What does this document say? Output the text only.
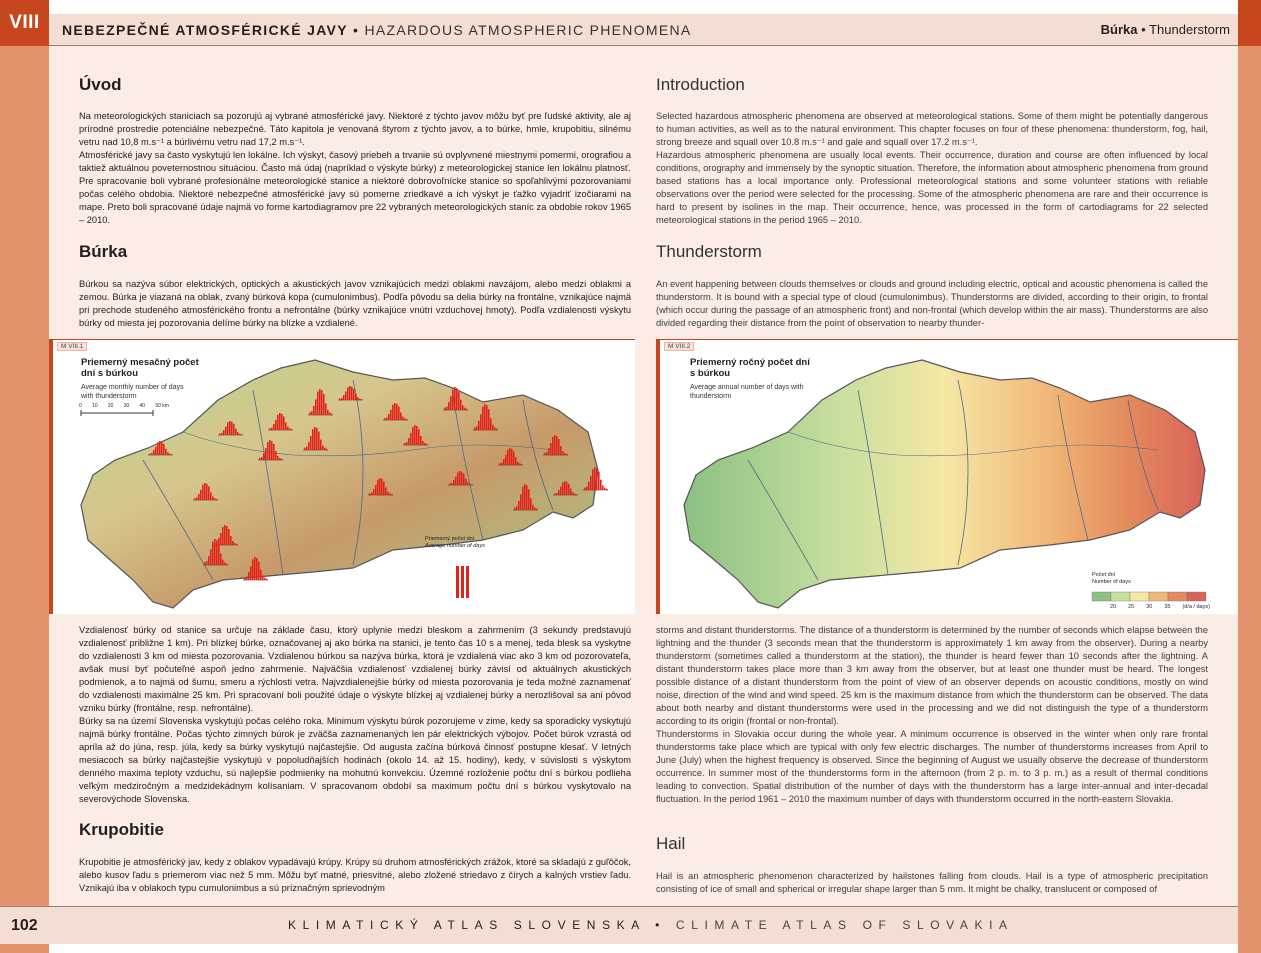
VIII	NEBEZPEČNÉ ATMOSFÉRICKÉ JAVY • HAZARDOUS ATMOSPHERIC PHENOMENA	Búrka • Thunderstorm
Úvod

Na meteorologických staniciach sa pozorujú aj vybrané atmosférické javy. Niektoré z týchto javov môžu byť pre ľudské aktivity, ale aj prírodné prostredie potenciálne nebezpečné. Táto kapitola je venovaná štyrom z týchto javov, a to búrke, hmle, krupobitiu, silnému vetru nad 10,8 m.s⁻¹ a búrlivému vetru nad 17,2 m.s⁻¹.

Atmosférické javy sa často vyskytujú len lokálne. Ich výskyt, časový priebeh a trvanie sú ovplyvnené miestnymi pomermi, orografiou a taktiež aktuálnou poveternostnou situáciou. Často má údaj (napríklad o výskyte búrky) z meteorologickej stanice len lokálnu platnosť. Pre spracovanie boli vybrané profesionálne meteorologické stanice a niektoré dobrovoľnícke stanice so spoľahlivými pozorovaniami počas celého obdobia. Niektoré nebezpečné atmosférické javy sú pomerne zriedkavé a ich výskyt je ťažko vyjadriť izočiarami na mape. Preto boli spracované údaje najmä vo forme kartodiagramov pre 22 vybraných meteorologických staníc za obdobie rokov 1965 – 2010.

Búrka

Búrkou sa nazýva súbor elektrických, optických a akustických javov vznikajúcich medzi oblakmi navzájom, alebo medzi oblakmi a zemou. Búrka je viazaná na oblak, zvaný búrková kopa (cumulonimbus). Podľa pôvodu sa delia búrky na frontálne, vznikajúce najmä pri prechode studeného atmosférického frontu a nefrontálne (búrky vznikajúce vnútri vzduchovej hmoty). Podľa vzdialenosti výskytu búrky od miesta jej pozorovania delíme búrky na blízke a vzdialené.

Vzdialenosť búrky od stanice sa určuje na základe času, ktorý uplynie medzi bleskom a zahrmením (3 sekundy predstavujú vzdialenosť približne 1 km). Pri blízkej búrke, označovanej aj ako búrka na stanici, je tento čas 10 s a menej, teda blesk sa vyskytne do vzdialenosti 3 km od miesta pozorovania. Vzdialenou búrkou sa nazýva búrka, ktorá je vzdialená viac ako 3 km od pozorovateľa, avšak musí byť počuteľné aspoň jedno zahrmenie. Najväčšia vzdialenosť vzdialenej búrky závisí od aktuálnych akustických podmienok, a to najmä od šumu, smeru a rýchlosti vetra. Najvzdialenejšie búrky od miesta pozorovania je teda možné zaznamenať do vzdialenosti maximálne 25 km. Pri spracovaní boli použité údaje o výskyte blízkej aj vzdialenej búrky a nerozlišoval sa ani pôvod vzniku búrky (frontálne, resp. nefrontálne).

Búrky sa na území Slovenska vyskytujú počas celého roka. Minimum výskytu búrok pozorujeme v zime, kedy sa sporadicky vyskytujú najmä búrky frontálne. Počas týchto zimných búrok je zväčša zaznamenaných len pár elektrických výbojov. Počet búrok vzrastá od apríla až do júna, resp. júla, kedy sa búrky vyskytujú najčastejšie. Od augusta začína búrková činnosť postupne klesať. V letných mesiacoch sa búrky najčastejšie vyskytujú v popoludňajších hodinách (okolo 14. až 15. hodiny), kedy, v súvislosti s výskytom denného maxima teploty vzduchu, sú najlepšie podmienky na mohutnú konvekciu. Územné rozloženie počtu dní s búrkou podlieha veľkým medziročným a medzidekádnym kolísaniam. V spracovanom období sa maximum počtu dní s búrkou vyskytovalo na severovýchode Slovenska.

Krupobitie

Krupobitie je atmosférický jav, kedy z oblakov vypadávajú krúpy. Krúpy sú druhom atmosférických zrážok, ktoré sa skladajú z guľôčok, alebo kusov ľadu s priemerom viac než 5 mm. Môžu byť matné, priesvitné, alebo zložené striedavo z čírych a kalných vrstiev ľadu. Vznikajú iba v oblakoch typu cumulonimbus a sú príznačným sprievodným

Introduction

Selected hazardous atmospheric phenomena are observed at meteorological stations. Some of them might be potentially dangerous to human activities, as well as to the natural environment. This chapter focuses on four of these phenomena: thunderstorm, fog, hail, strong breeze and squall over 10.8 m.s⁻¹ and gale and squall over 17.2 m.s⁻¹.

Hazardous atmospheric phenomena are usually local events. Their occurrence, duration and course are often influenced by local conditions, orography and immensely by the synoptic situation. Therefore, the information about atmospheric phenomena from ground based stations has a local importance only. Professional meteorological stations and some volunteer stations with reliable observations over the period were selected for the processing. Some of the atmospheric phenomena are rare and their occurrence is hard to present by isolines in the map. Their occurrence, hence, was processed in the form of cartodiagrams for 22 selected meteorological stations in the period 1965 – 2010.

Thunderstorm

An event happening between clouds themselves or clouds and ground including electric, optical and acoustic phenomena is called the thunderstorm. It is bound with a special type of cloud (cumulonimbus). Thunderstorms are divided, according to their origin, to frontal (which occur during the passage of an atmospheric front) and non-frontal (which develop within the air mass). Thunderstorms are also divided regarding their distance from the point of observation to nearby thunder-

storms and distant thunderstorms. The distance of a thunderstorm is determined by the number of seconds which elapse between the lightning and the thunder (3 seconds mean that the thunderstorm is approximately 1 km away from the observer). During a nearby thunderstorm (sometimes called a thunderstorm at the station), the thunder is heard fewer than 10 seconds after the lightning. A distant thunderstorm takes place more than 3 km away from the observer, but at least one thunder must be heard. The longest possible distance of a distant thunderstorm from the point of view of an observer depends on acoustic conditions, mostly on wind noise, direction of the wind and wind speed. 25 km is the maximum distance from which the thunderstorm can be observed. The data about both nearby and distant thunderstorms were used in the processing and we did not distinguish the type of a thunderstorm according to its origin (frontal or non-frontal).

Thunderstorms in Slovakia occur during the whole year. A minimum occurrence is observed in the winter when only rare frontal thunderstorms take place which are typical with only few electric discharges. The number of thunderstorms increases from April to June (July) when the highest frequency is observed. Since the beginning of August we usually observe the decrease of thunderstorm occurrence. In summer most of the thunderstorms form in the afternoon (from 2 p. m. to 3 p. m.) as a result of thermal conditions leading to convection. Spatial distribution of the number of days with the thunderstorm has a large inter-annual and inter-decadal fluctuation. In the period 1961 – 2010 the maximum number of days with thunderstorm occurred in the north-eastern Slovakia.

Hail

Hail is an atmospheric phenomenon characterized by hailstones falling from clouds. Hail is a type of atmospheric precipitation consisting of ice of small and spherical or irregular shape larger than 5 mm. It might be chalky, translucent or composed of

M VIII.1
Priemerný mesačný počet dní s búrkou
Average monthly number of days with thunderstorm
0 10 20 30 40 50 km
Priemerný počet dní
Average number of days
M VIII.2
Priemerný ročný počet dní s búrkou
Average annual number of days with thunderstorm
Počet dní
Number of days
20 25 30 35 (d/a / days)
102	KLIMATICKÝ ATLAS SLOVENSKA • CLIMATE ATLAS OF SLOVAKIA
